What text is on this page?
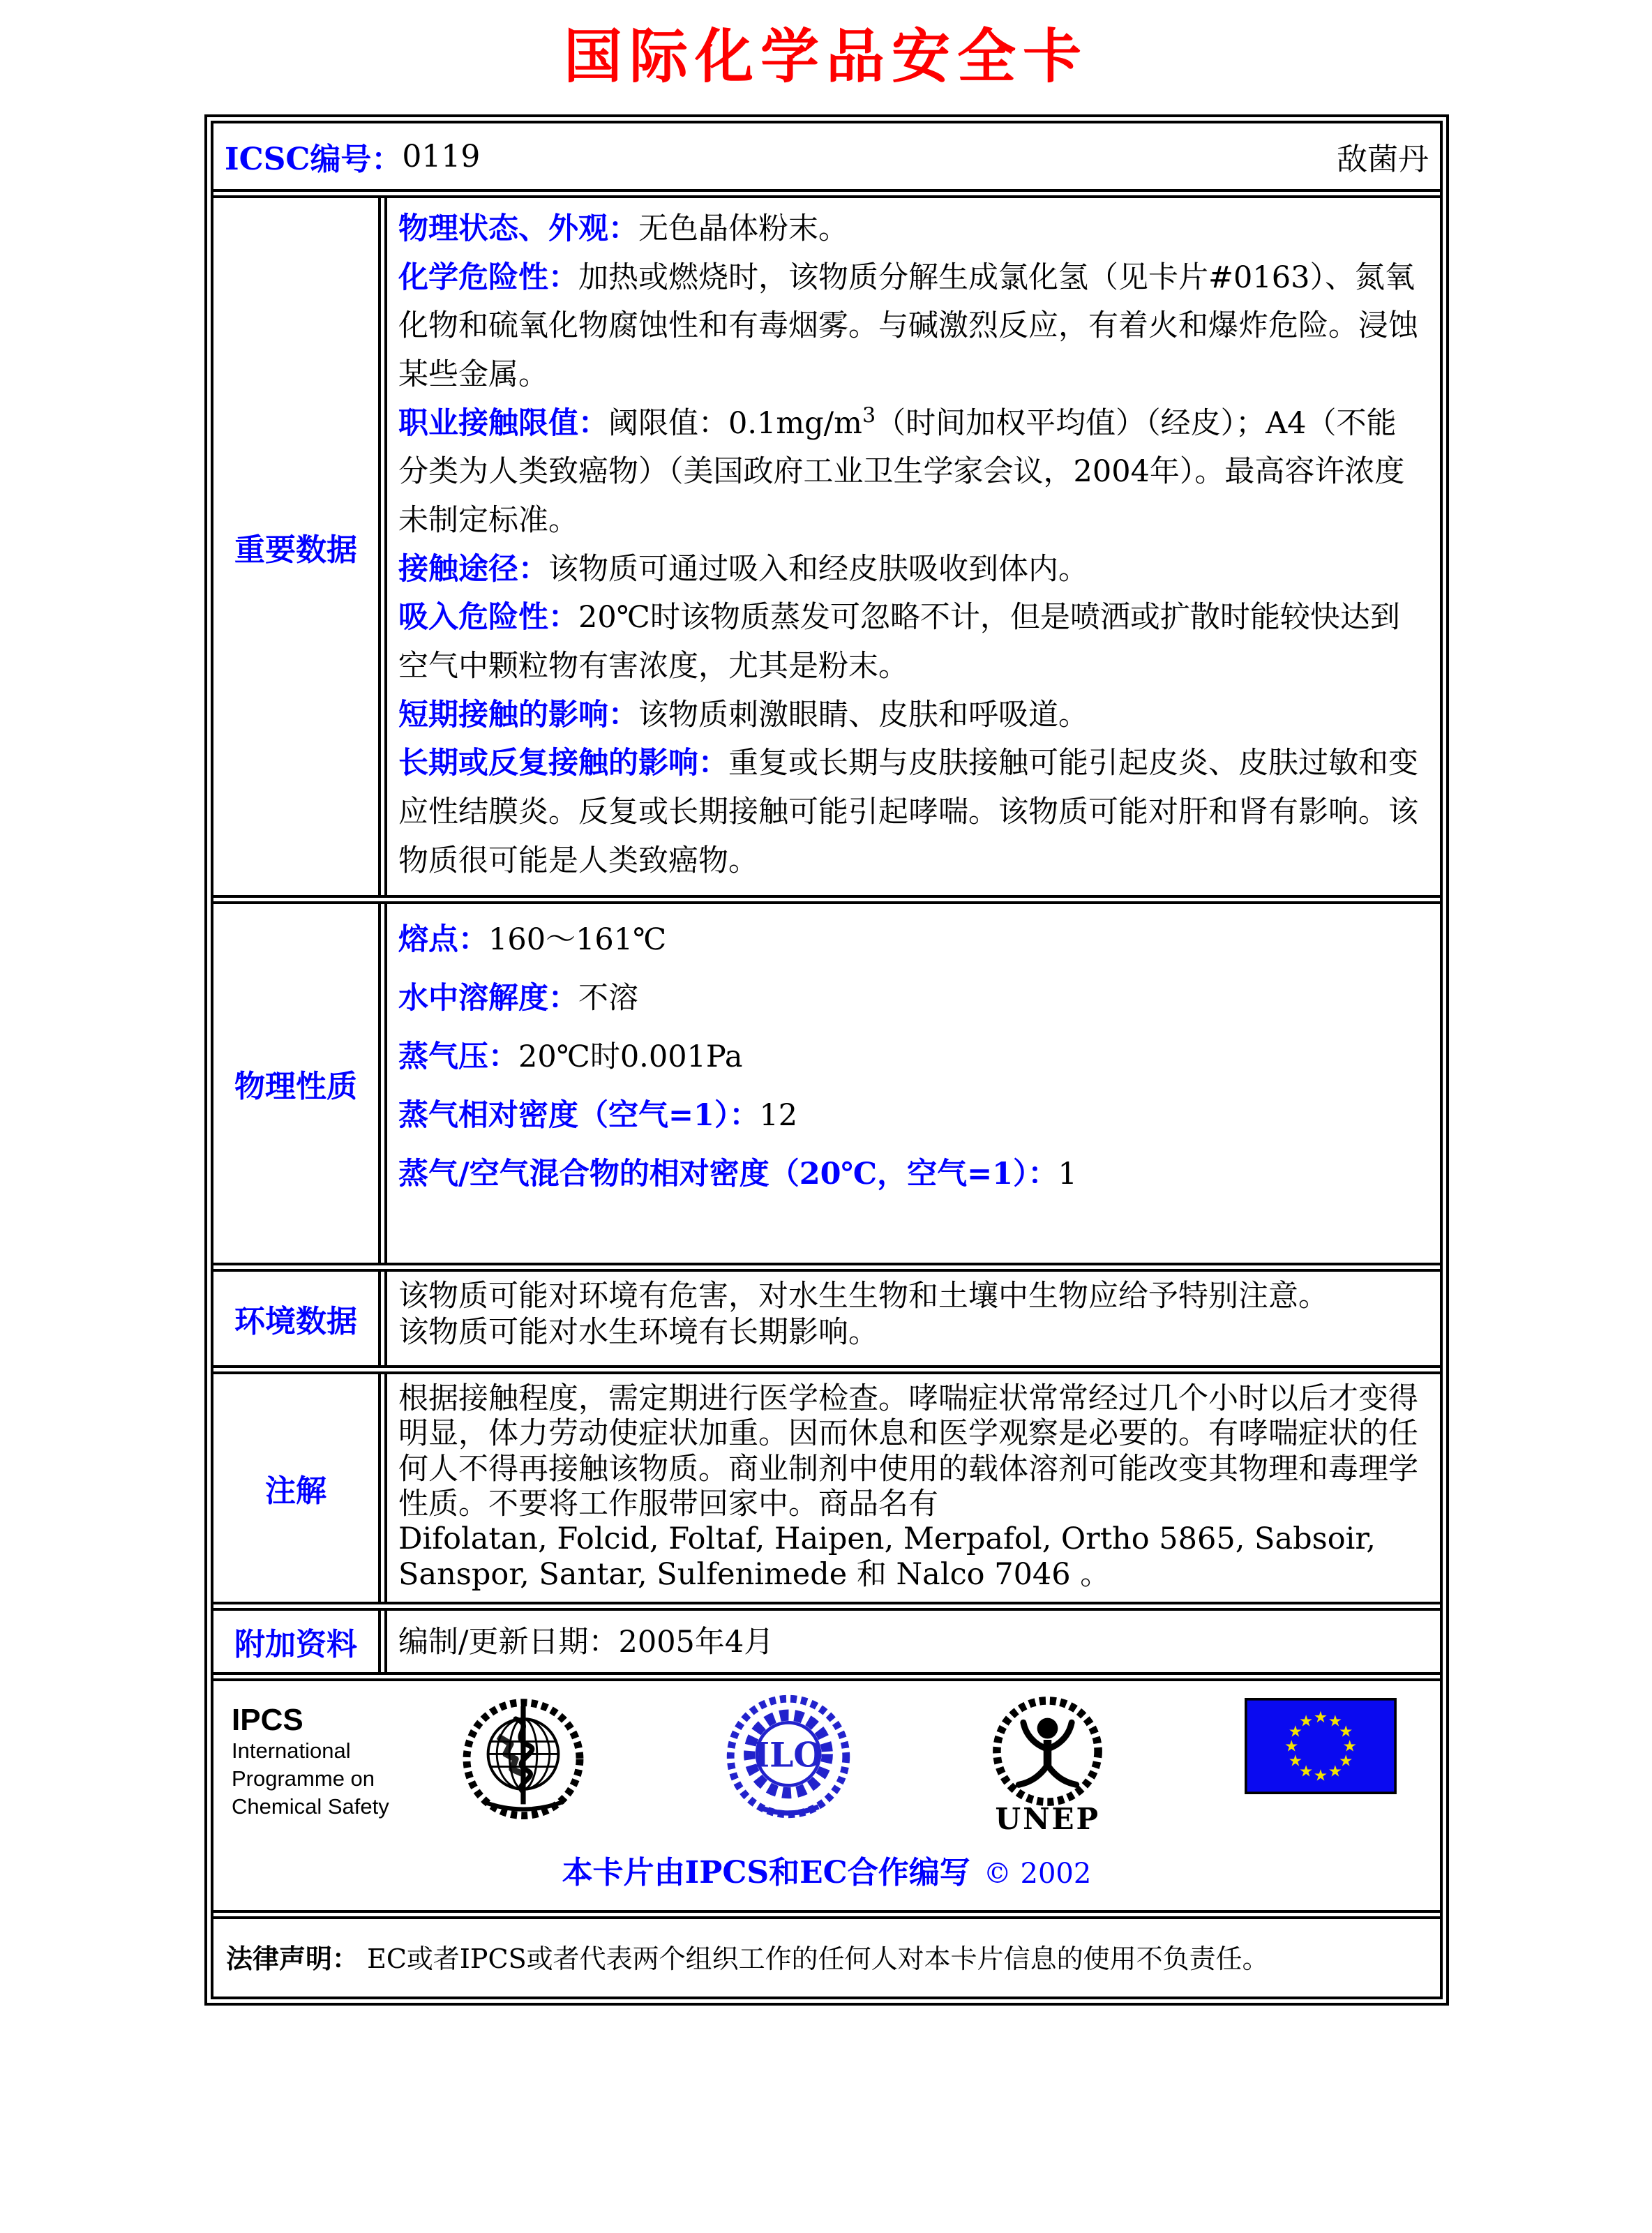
国际化学品安全卡
ICSC编号： 0119	敌菌丹
重要数据
物理状态、外观：无色晶体粉末。
化学危险性：加热或燃烧时，该物质分解生成氯化氢（见卡片#0163）、氮氧化物和硫氧化物腐蚀性和有毒烟雾。与碱激烈反应，有着火和爆炸危险。浸蚀某些金属。
职业接触限值：阈限值：$0.1mg/m^3$（时间加权平均值）（经皮）；A4（不能分类为人类致癌物）（美国政府工业卫生学家会议，2004年）。最高容许浓度未制定标准。
接触途径：该物质可通过吸入和经皮肤吸收到体内。
吸入危险性：20℃时该物质蒸发可忽略不计，但是喷洒或扩散时能较快达到空气中颗粒物有害浓度，尤其是粉末。
短期接触的影响：该物质刺激眼睛、皮肤和呼吸道。
长期或反复接触的影响：重复或长期与皮肤接触可能引起皮炎、皮肤过敏和变应性结膜炎。反复或长期接触可能引起哮喘。该物质可能对肝和肾有影响。该物质很可能是人类致癌物。
物理性质
熔点：160～161℃
水中溶解度：不溶
蒸气压：20℃时0.001Pa
蒸气相对密度（空气=1）：12
蒸气/空气混合物的相对密度（20℃，空气=1）：1
环境数据
该物质可能对环境有危害，对水生生物和土壤中生物应给予特别注意。
该物质可能对水生环境有长期影响。
注解
根据接触程度，需定期进行医学检查。哮喘症状常常经过几个小时以后才变得明显，体力劳动使症状加重。因而休息和医学观察是必要的。有哮喘症状的任何人不得再接触该物质。商业制剂中使用的载体溶剂可能改变其物理和毒理学性质。不要将工作服带回家中。商品名有
Difolatan, Folcid, Foltaf, Haipen, Merpafol, Ortho 5865, Sabsoir, Sanspor, Santar, Sulfenimede 和 Nalco 7046 。
附加资料	编制/更新日期：2005年4月
IPCS
International
Programme on
Chemical Safety
ILO
UNEP
★ ★
★
★
★
★
★
★
★
★
★
★
本卡片由IPCS和EC合作编写 © 2002
法律声明： EC或者IPCS或者代表两个组织工作的任何人对本卡片信息的使用不负责任。
